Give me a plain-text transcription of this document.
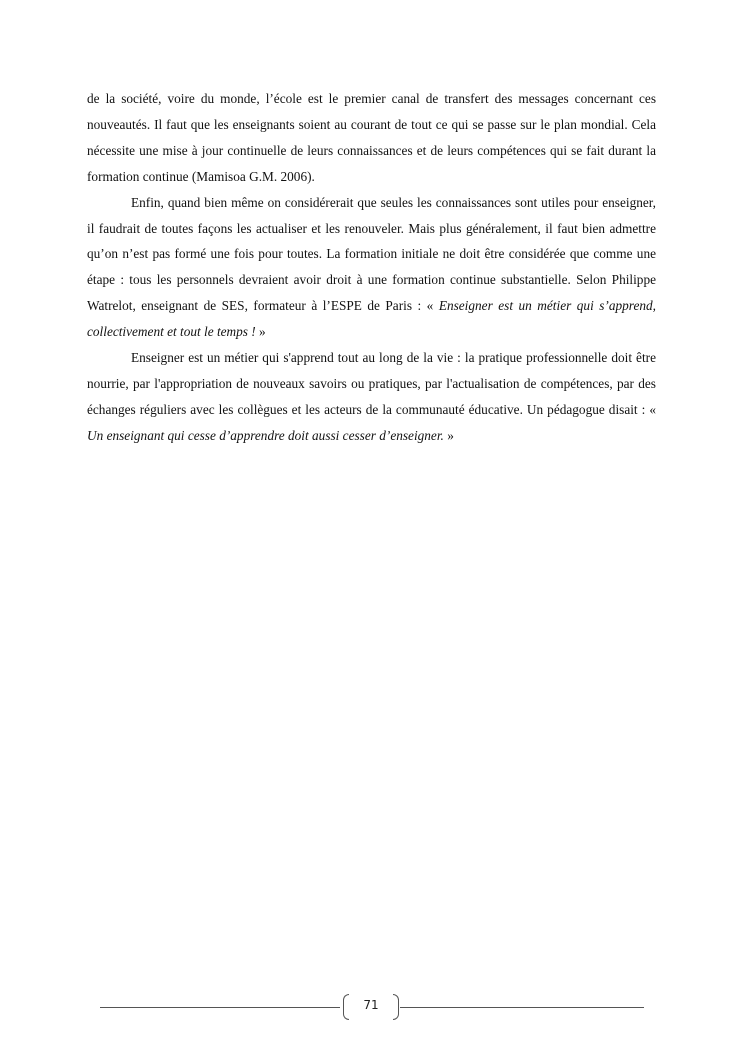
de la société, voire du monde, l’école est le premier canal de transfert des messages concernant ces nouveautés. Il faut que les enseignants soient au courant de tout ce qui se passe sur le plan mondial. Cela nécessite une mise à jour continuelle de leurs connaissances et de leurs compétences qui se fait durant la formation continue (Mamisoa G.M. 2006).

Enfin, quand bien même on considérerait que seules les connaissances sont utiles pour enseigner, il faudrait de toutes façons les actualiser et les renouveler. Mais plus généralement, il faut bien admettre qu’on n’est pas formé une fois pour toutes. La formation initiale ne doit être considérée que comme une étape : tous les personnels devraient avoir droit à une formation continue substantielle. Selon Philippe Watrelot, enseignant de SES, formateur à l’ESPE de Paris : « Enseigner est un métier qui s’apprend, collectivement et tout le temps ! »

Enseigner est un métier qui s'apprend tout au long de la vie : la pratique professionnelle doit être nourrie, par l'appropriation de nouveaux savoirs ou pratiques, par l'actualisation de compétences, par des échanges réguliers avec les collègues et les acteurs de la communauté éducative. Un pédagogue disait : « Un enseignant qui cesse d’apprendre doit aussi cesser d’enseigner. »

71
